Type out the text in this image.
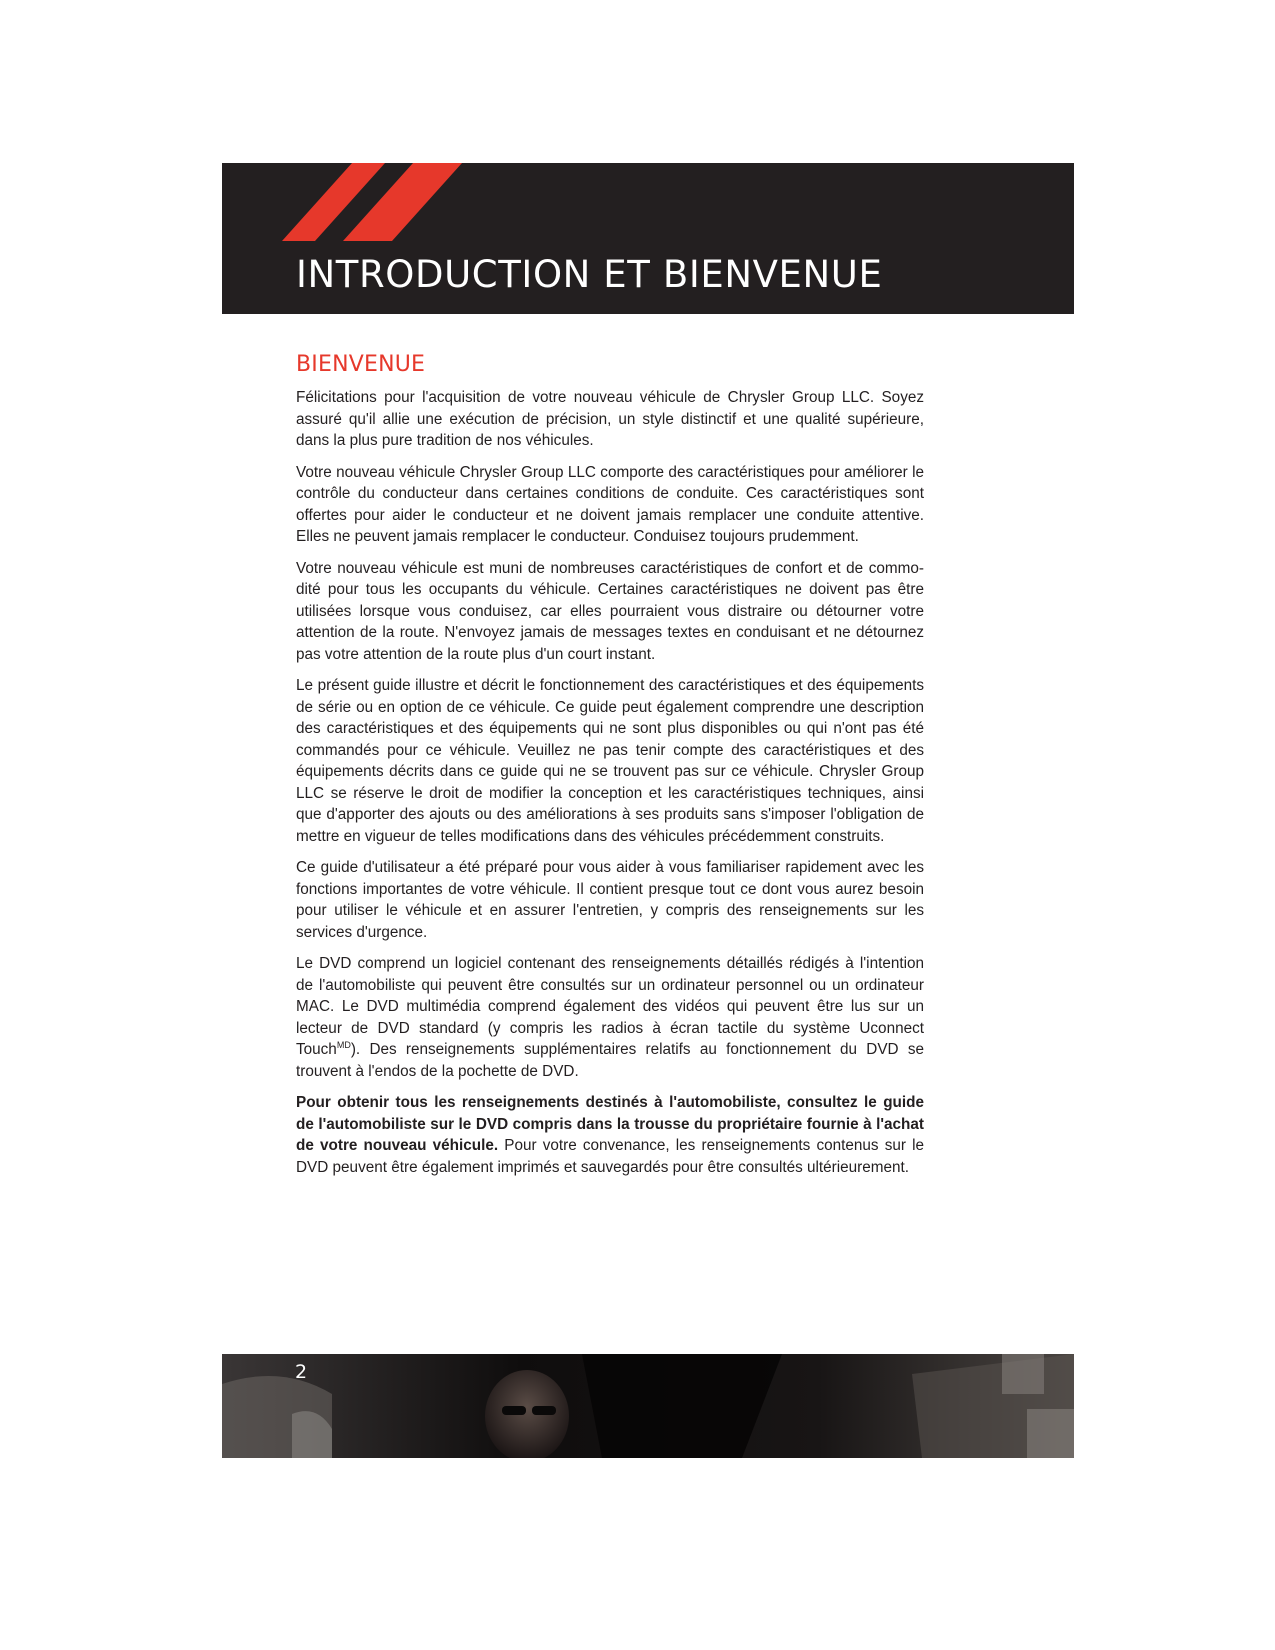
INTRODUCTION ET BIENVENUE
BIENVENUE

Félicitations pour l'acquisition de votre nouveau véhicule de Chrysler Group LLC. Soyez assuré qu'il allie une exécution de précision, un style distinctif et une qualité supérieure, dans la plus pure tradition de nos véhicules.

Votre nouveau véhicule Chrysler Group LLC comporte des caractéristiques pour améliorer le contrôle du conducteur dans certaines conditions de conduite. Ces caractéristiques sont offertes pour aider le conducteur et ne doivent jamais remplacer une conduite attentive. Elles ne peuvent jamais remplacer le conducteur. Conduisez toujours prudemment.

Votre nouveau véhicule est muni de nombreuses caractéristiques de confort et de commodité pour tous les occupants du véhicule. Certaines caractéristiques ne doivent pas être utilisées lorsque vous conduisez, car elles pourraient vous distraire ou détourner votre attention de la route. N'envoyez jamais de messages textes en conduisant et ne détournez pas votre attention de la route plus d'un court instant.

Le présent guide illustre et décrit le fonctionnement des caractéristiques et des équipements de série ou en option de ce véhicule. Ce guide peut également comprendre une description des caractéristiques et des équipements qui ne sont plus disponibles ou qui n'ont pas été commandés pour ce véhicule. Veuillez ne pas tenir compte des caractéristiques et des équipements décrits dans ce guide qui ne se trouvent pas sur ce véhicule. Chrysler Group LLC se réserve le droit de modifier la conception et les caractéristiques techniques, ainsi que d'apporter des ajouts ou des améliorations à ses produits sans s'imposer l'obligation de mettre en vigueur de telles modifications dans des véhicules précédemment construits.

Ce guide d'utilisateur a été préparé pour vous aider à vous familiariser rapidement avec les fonctions importantes de votre véhicule. Il contient presque tout ce dont vous aurez besoin pour utiliser le véhicule et en assurer l'entretien, y compris des renseignements sur les services d'urgence.

Le DVD comprend un logiciel contenant des renseignements détaillés rédigés à l'intention de l'automobiliste qui peuvent être consultés sur un ordinateur personnel ou un ordinateur MAC. Le DVD multimédia comprend également des vidéos qui peuvent être lus sur un lecteur de DVD standard (y compris les radios à écran tactile du système Uconnect Touch$^{MD}$). Des renseignements supplémentaires relatifs au fonctionnement du DVD se trouvent à l'endos de la pochette de DVD.

Pour obtenir tous les renseignements destinés à l'automobiliste, consultez le guide de l'automobiliste sur le DVD compris dans la trousse du propriétaire fournie à l'achat de votre nouveau véhicule. Pour votre convenance, les renseignements contenus sur le DVD peuvent être également imprimés et sauvegardés pour être consultés ultérieurement.

2
